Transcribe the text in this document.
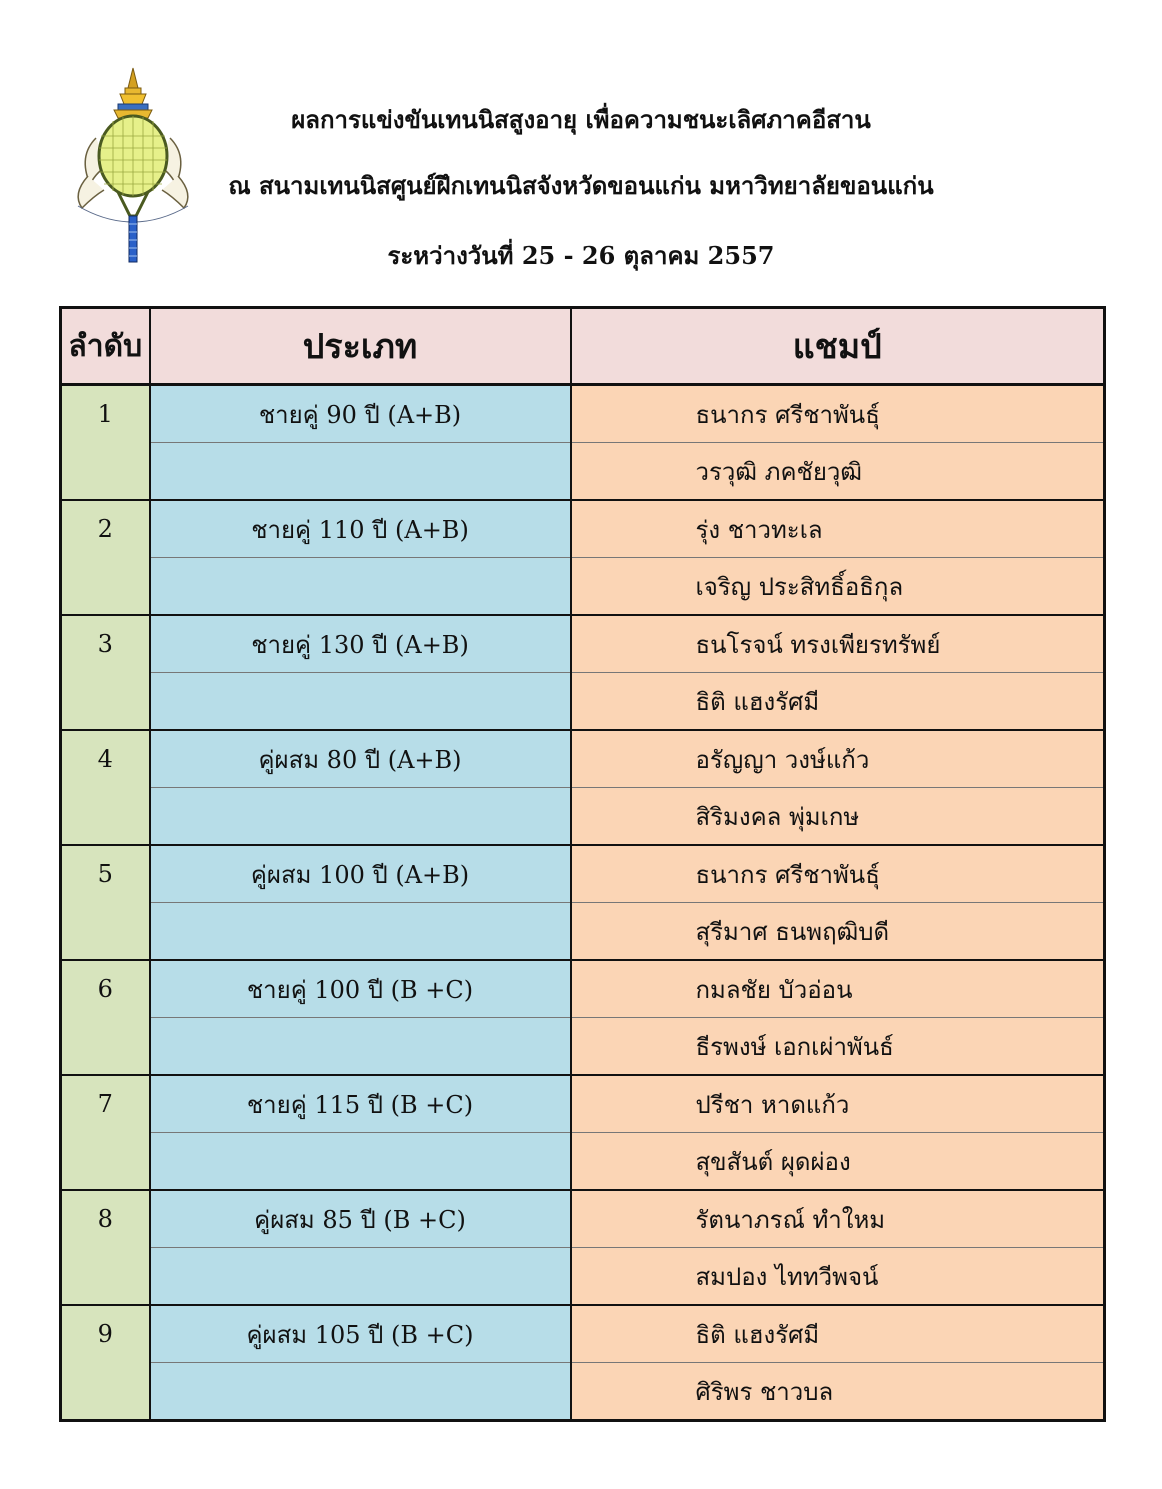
ผลการแข่งขันเทนนิสสูงอายุ เพื่อความชนะเลิศภาคอีสาน
ณ สนามเทนนิสศูนย์ฝึกเทนนิสจังหวัดขอนแก่น มหาวิทยาลัยขอนแก่น
ระหว่างวันที่ 25 - 26 ตุลาคม 2557
ลำดับ	ประเภท	แชมป์
1	ชายคู่ 90 ปี (A+B)	ธนากร ศรีชาพันธุ์
		วรวุฒิ ภคชัยวุฒิ
2	ชายคู่ 110 ปี (A+B)	รุ่ง ชาวทะเล
		เจริญ ประสิทธิ์อธิกุล
3	ชายคู่ 130 ปี (A+B)	ธนโรจน์ ทรงเพียรทรัพย์
		ธิติ แฮงรัศมี
4	คู่ผสม 80 ปี (A+B)	อรัญญา วงษ์แก้ว
		สิริมงคล พุ่มเกษ
5	คู่ผสม 100 ปี (A+B)	ธนากร ศรีชาพันธุ์
		สุรีมาศ ธนพฤฒิบดี
6	ชายคู่ 100 ปี (B +C)	กมลชัย บัวอ่อน
		ธีรพงษ์ เอกเผ่าพันธ์
7	ชายคู่ 115 ปี (B +C)	ปรีชา หาดแก้ว
		สุขสันต์ ผุดผ่อง
8	คู่ผสม 85 ปี (B +C)	รัตนาภรณ์ ทำใหม
		สมปอง ไททวีพจน์
9	คู่ผสม 105 ปี (B +C)	ธิติ แฮงรัศมี
		ศิริพร ชาวบล
